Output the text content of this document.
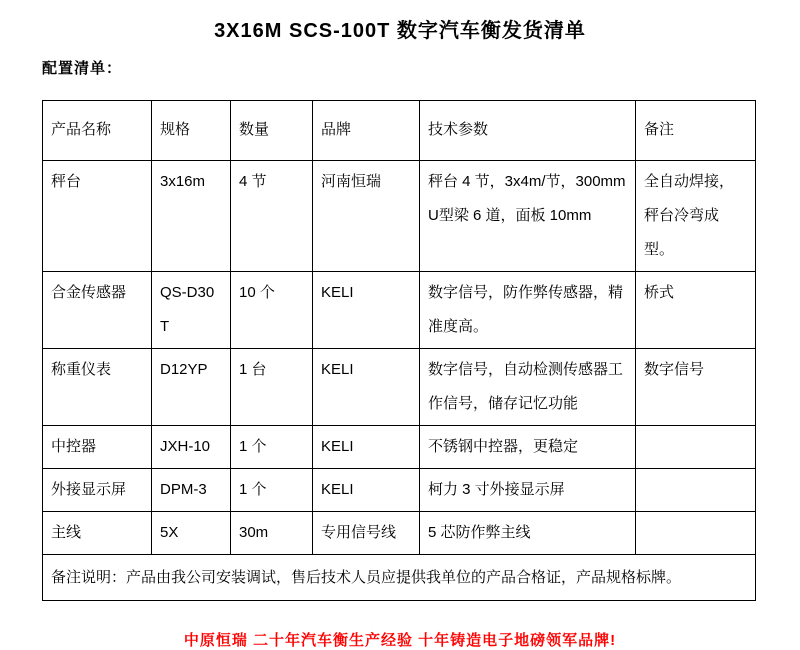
3X16M SCS-100T 数字汽车衡发货清单
配置清单：
产品名称	规格	数量	品牌	技术参数	备注
秤台	3x16m	4 节	河南恒瑞	秤台 4 节，3x4m/节，300mmU型梁 6 道，面板 10mm	全自动焊接，秤台冷弯成型。
合金传感器	QS-D30T	10 个	KELI	数字信号，防作弊传感器，精准度高。	桥式
称重仪表	D12YP	1 台	KELI	数字信号，自动检测传感器工作信号，储存记忆功能	数字信号
中控器	JXH-10	1 个	KELI	不锈钢中控器，更稳定	
外接显示屏	DPM-3	1 个	KELI	柯力 3 寸外接显示屏	
主线	5X	30m	专用信号线	5 芯防作弊主线	
备注说明：产品由我公司安装调试，售后技术人员应提供我单位的产品合格证，产品规格标牌。					
中原恒瑞 二十年汽车衡生产经验 十年铸造电子地磅领军品牌!
